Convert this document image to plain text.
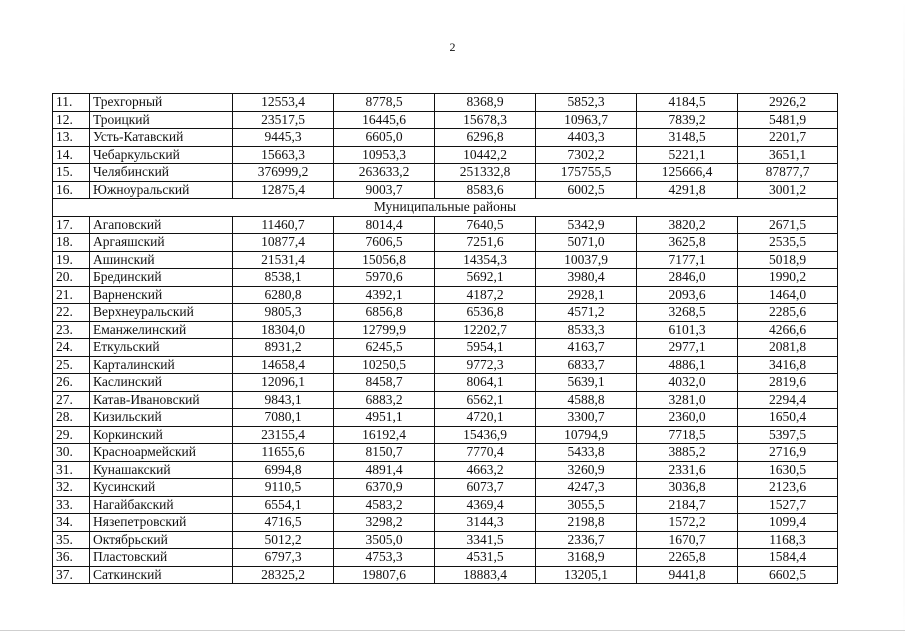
2
11.	Трехгорный	12553,4	8778,5	8368,9	5852,3	4184,5	2926,2
12.	Троицкий	23517,5	16445,6	15678,3	10963,7	7839,2	5481,9
13.	Усть-Катавский	9445,3	6605,0	6296,8	4403,3	3148,5	2201,7
14.	Чебаркульский	15663,3	10953,3	10442,2	7302,2	5221,1	3651,1
15.	Челябинский	376999,2	263633,2	251332,8	175755,5	125666,4	87877,7
16.	Южноуральский	12875,4	9003,7	8583,6	6002,5	4291,8	3001,2
Муниципальные районы							
17.	Агаповский	11460,7	8014,4	7640,5	5342,9	3820,2	2671,5
18.	Аргаяшский	10877,4	7606,5	7251,6	5071,0	3625,8	2535,5
19.	Ашинский	21531,4	15056,8	14354,3	10037,9	7177,1	5018,9
20.	Брединский	8538,1	5970,6	5692,1	3980,4	2846,0	1990,2
21.	Варненский	6280,8	4392,1	4187,2	2928,1	2093,6	1464,0
22.	Верхнеуральский	9805,3	6856,8	6536,8	4571,2	3268,5	2285,6
23.	Еманжелинский	18304,0	12799,9	12202,7	8533,3	6101,3	4266,6
24.	Еткульский	8931,2	6245,5	5954,1	4163,7	2977,1	2081,8
25.	Карталинский	14658,4	10250,5	9772,3	6833,7	4886,1	3416,8
26.	Каслинский	12096,1	8458,7	8064,1	5639,1	4032,0	2819,6
27.	Катав-Ивановский	9843,1	6883,2	6562,1	4588,8	3281,0	2294,4
28.	Кизильский	7080,1	4951,1	4720,1	3300,7	2360,0	1650,4
29.	Коркинский	23155,4	16192,4	15436,9	10794,9	7718,5	5397,5
30.	Красноармейский	11655,6	8150,7	7770,4	5433,8	3885,2	2716,9
31.	Кунашакский	6994,8	4891,4	4663,2	3260,9	2331,6	1630,5
32.	Кусинский	9110,5	6370,9	6073,7	4247,3	3036,8	2123,6
33.	Нагайбакский	6554,1	4583,2	4369,4	3055,5	2184,7	1527,7
34.	Нязепетровский	4716,5	3298,2	3144,3	2198,8	1572,2	1099,4
35.	Октябрьский	5012,2	3505,0	3341,5	2336,7	1670,7	1168,3
36.	Пластовский	6797,3	4753,3	4531,5	3168,9	2265,8	1584,4
37.	Саткинский	28325,2	19807,6	18883,4	13205,1	9441,8	6602,5
